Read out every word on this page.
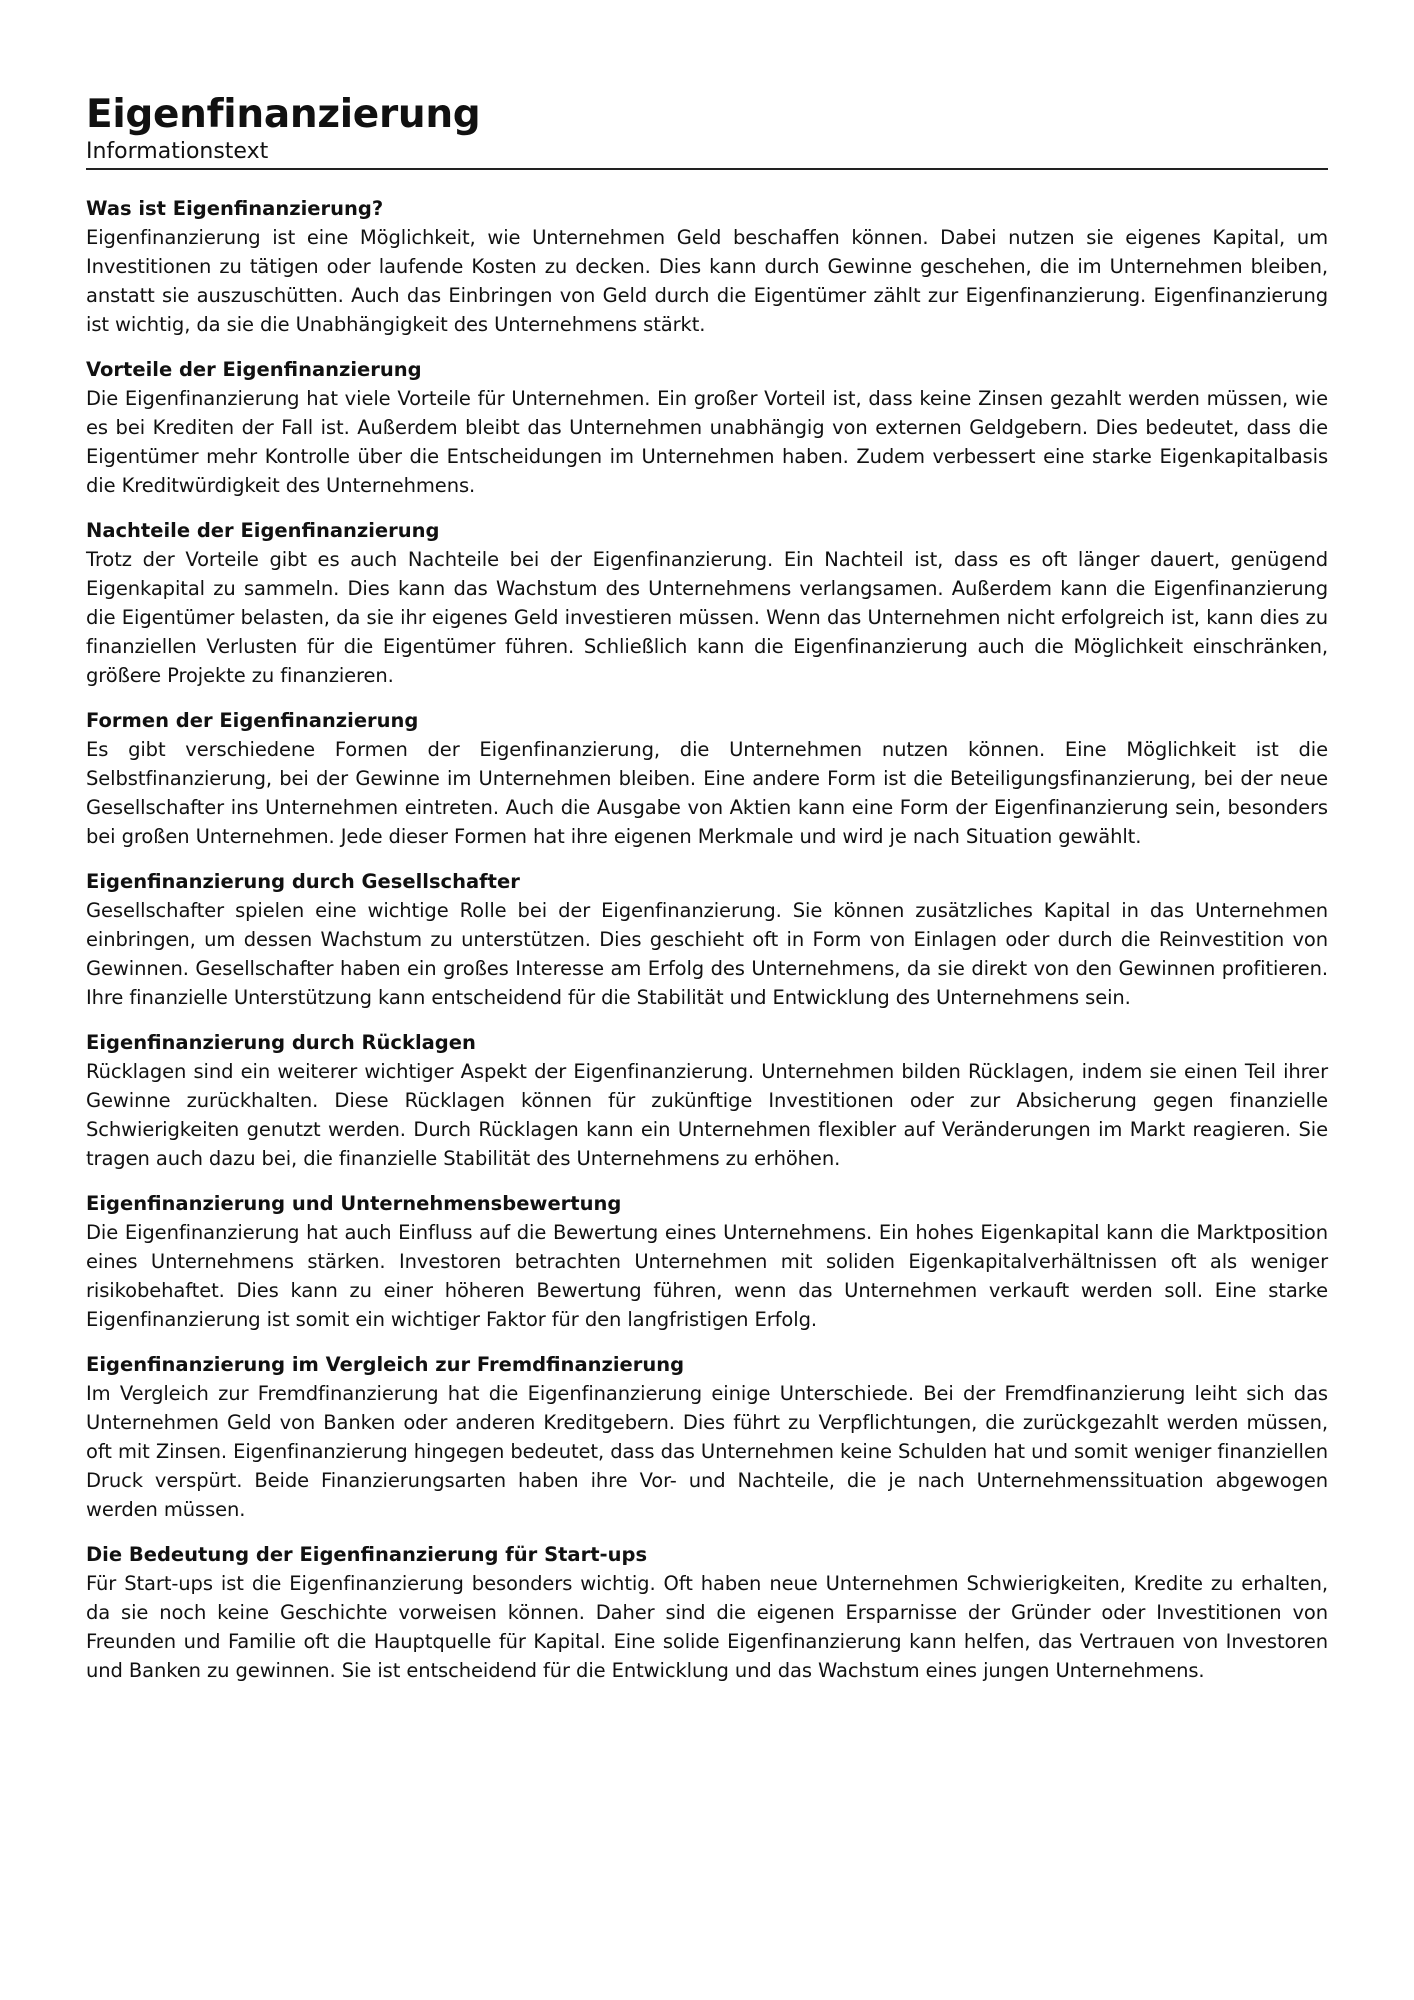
Eigenfinanzierung
Informationstext
Was ist Eigenfinanzierung?

Eigenfinanzierung ist eine Möglichkeit, wie Unternehmen Geld beschaffen können. Dabei nutzen sie eigenes Kapital, um Investitionen zu tätigen oder laufende Kosten zu decken. Dies kann durch Gewinne geschehen, die im Unternehmen bleiben, anstatt sie auszuschütten. Auch das Einbringen von Geld durch die Eigentümer zählt zur Eigenfinanzierung. Eigenfinanzierung ist wichtig, da sie die Unabhängigkeit des Unternehmens stärkt.

Vorteile der Eigenfinanzierung

Die Eigenfinanzierung hat viele Vorteile für Unternehmen. Ein großer Vorteil ist, dass keine Zinsen gezahlt werden müssen, wie es bei Krediten der Fall ist. Außerdem bleibt das Unternehmen unabhängig von externen Geldgebern. Dies bedeutet, dass die Eigentümer mehr Kontrolle über die Entscheidungen im Unternehmen haben. Zudem verbessert eine starke Eigenkapitalbasis die Kreditwürdigkeit des Unternehmens.

Nachteile der Eigenfinanzierung

Trotz der Vorteile gibt es auch Nachteile bei der Eigenfinanzierung. Ein Nachteil ist, dass es oft länger dauert, genügend Eigenkapital zu sammeln. Dies kann das Wachstum des Unternehmens verlangsamen. Außerdem kann die Eigenfinanzierung die Eigentümer belasten, da sie ihr eigenes Geld investieren müssen. Wenn das Unternehmen nicht erfolgreich ist, kann dies zu finanziellen Verlusten für die Eigentümer führen. Schließlich kann die Eigenfinanzierung auch die Möglichkeit einschränken, größere Projekte zu finanzieren.

Formen der Eigenfinanzierung

Es gibt verschiedene Formen der Eigenfinanzierung, die Unternehmen nutzen können. Eine Möglichkeit ist die Selbstfinanzierung, bei der Gewinne im Unternehmen bleiben. Eine andere Form ist die Beteiligungsfinanzierung, bei der neue Gesellschafter ins Unternehmen eintreten. Auch die Ausgabe von Aktien kann eine Form der Eigenfinanzierung sein, besonders bei großen Unternehmen. Jede dieser Formen hat ihre eigenen Merkmale und wird je nach Situation gewählt.

Eigenfinanzierung durch Gesellschafter

Gesellschafter spielen eine wichtige Rolle bei der Eigenfinanzierung. Sie können zusätzliches Kapital in das Unternehmen einbringen, um dessen Wachstum zu unterstützen. Dies geschieht oft in Form von Einlagen oder durch die Reinvestition von Gewinnen. Gesellschafter haben ein großes Interesse am Erfolg des Unternehmens, da sie direkt von den Gewinnen profitieren. Ihre finanzielle Unterstützung kann entscheidend für die Stabilität und Entwicklung des Unternehmens sein.

Eigenfinanzierung durch Rücklagen

Rücklagen sind ein weiterer wichtiger Aspekt der Eigenfinanzierung. Unternehmen bilden Rücklagen, indem sie einen Teil ihrer Gewinne zurückhalten. Diese Rücklagen können für zukünftige Investitionen oder zur Absicherung gegen finanzielle Schwierigkeiten genutzt werden. Durch Rücklagen kann ein Unternehmen flexibler auf Veränderungen im Markt reagieren. Sie tragen auch dazu bei, die finanzielle Stabilität des Unternehmens zu erhöhen.

Eigenfinanzierung und Unternehmensbewertung

Die Eigenfinanzierung hat auch Einfluss auf die Bewertung eines Unternehmens. Ein hohes Eigenkapital kann die Marktposition eines Unternehmens stärken. Investoren betrachten Unternehmen mit soliden Eigenkapitalverhältnissen oft als weniger risikobehaftet. Dies kann zu einer höheren Bewertung führen, wenn das Unternehmen verkauft werden soll. Eine starke Eigenfinanzierung ist somit ein wichtiger Faktor für den langfristigen Erfolg.

Eigenfinanzierung im Vergleich zur Fremdfinanzierung

Im Vergleich zur Fremdfinanzierung hat die Eigenfinanzierung einige Unterschiede. Bei der Fremdfinanzierung leiht sich das Unternehmen Geld von Banken oder anderen Kreditgebern. Dies führt zu Verpflichtungen, die zurückgezahlt werden müssen, oft mit Zinsen. Eigenfinanzierung hingegen bedeutet, dass das Unternehmen keine Schulden hat und somit weniger finanziellen Druck verspürt. Beide Finanzierungsarten haben ihre Vor- und Nachteile, die je nach Unternehmenssituation abgewogen werden müssen.

Die Bedeutung der Eigenfinanzierung für Start-ups

Für Start-ups ist die Eigenfinanzierung besonders wichtig. Oft haben neue Unternehmen Schwierigkeiten, Kredite zu erhalten, da sie noch keine Geschichte vorweisen können. Daher sind die eigenen Ersparnisse der Gründer oder Investitionen von Freunden und Familie oft die Hauptquelle für Kapital. Eine solide Eigenfinanzierung kann helfen, das Vertrauen von Investoren und Banken zu gewinnen. Sie ist entscheidend für die Entwicklung und das Wachstum eines jungen Unternehmens.
